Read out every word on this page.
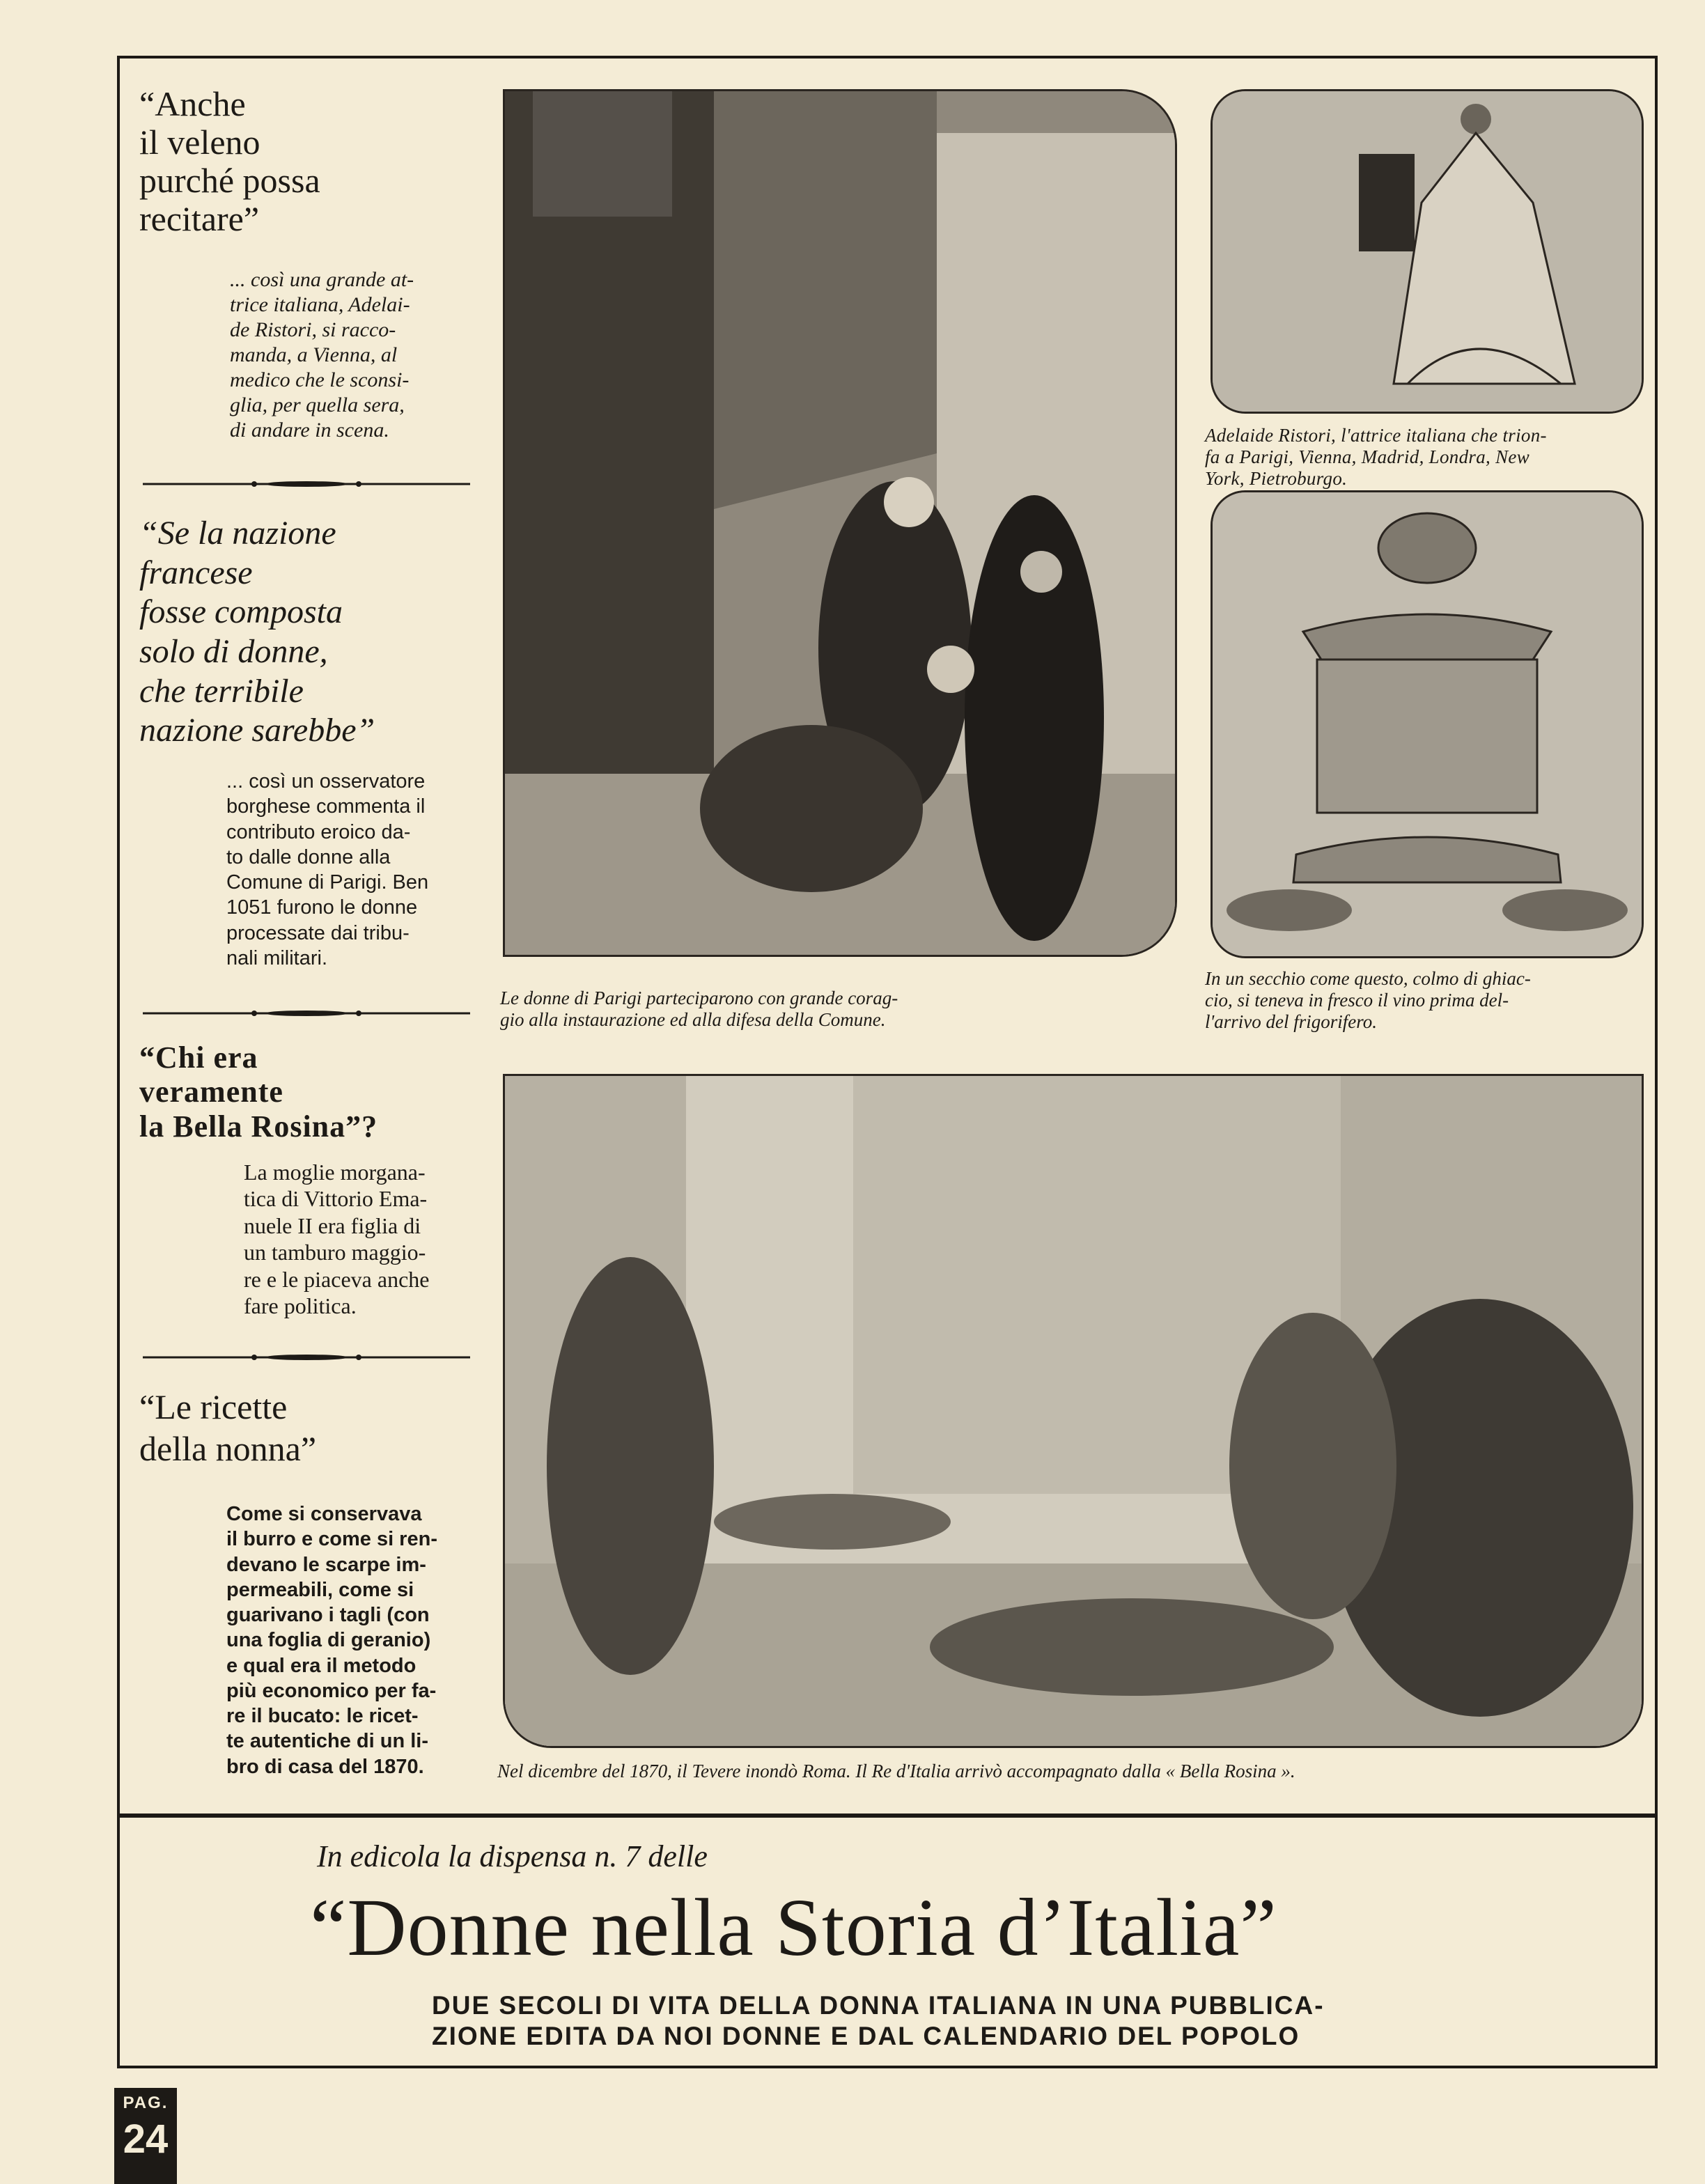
“Anche
il veleno
purché possa
recitare”
... così una grande at-
trice italiana, Adelai-
de Ristori, si racco-
manda, a Vienna, al
medico che le sconsi-
glia, per quella sera,
di andare in scena.
“Se la nazione
francese
fosse composta
solo di donne,
che terribile
nazione sarebbe”
... così un osservatore
borghese commenta il
contributo eroico da-
to dalle donne alla
Comune di Parigi. Ben
1051 furono le donne
processate dai tribu-
nali militari.
“Chi era
veramente
la Bella Rosina”?
La moglie morgana-
tica di Vittorio Ema-
nuele II era figlia di
un tamburo maggio-
re e le piaceva anche
fare politica.
“Le ricette
della nonna”
Come si conservava
il burro e come si ren-
devano le scarpe im-
permeabili, come si
guarivano i tagli (con
una foglia di geranio)
e qual era il metodo
più economico per fa-
re il bucato: le ricet-
te autentiche di un li-
bro di casa del 1870.
Le donne di Parigi parteciparono con grande corag-
gio alla instaurazione ed alla difesa della Comune.
Adelaide Ristori, l'attrice italiana che trion-
fa a Parigi, Vienna, Madrid, Londra, New
York, Pietroburgo.
In un secchio come questo, colmo di ghiac-
cio, si teneva in fresco il vino prima del-
l'arrivo del frigorifero.
Nel dicembre del 1870, il Tevere inondò Roma. Il Re d'Italia arrivò accompagnato dalla « Bella Rosina ».
In edicola la dispensa n. 7 delle
“Donne nella Storia d’Italia”
DUE SECOLI DI VITA DELLA DONNA ITALIANA IN UNA PUBBLICA-
ZIONE EDITA DA NOI DONNE E DAL CALENDARIO DEL POPOLO
PAG.
24
